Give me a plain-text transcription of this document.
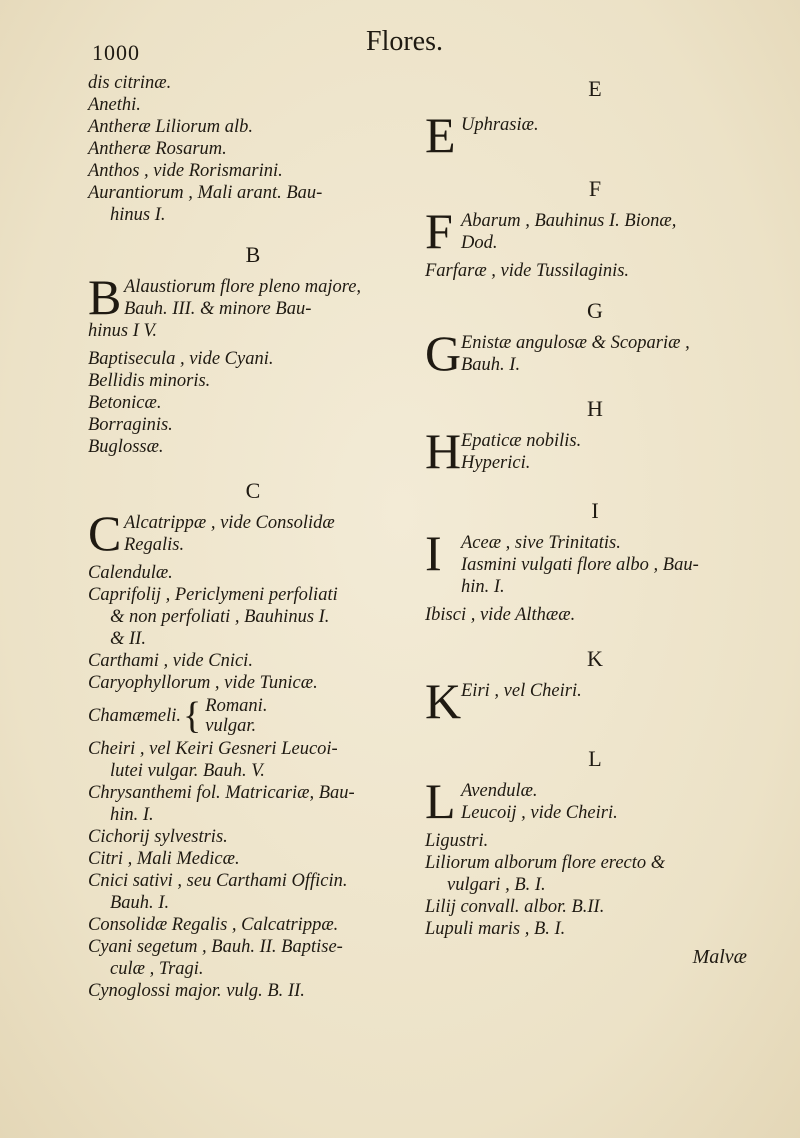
1000	Flores.
dis citrinæ.
Anethi.
Antheræ Liliorum alb.
Antheræ Rosarum.
Anthos , vide Rorismarini.
Aurantiorum , Mali arant. Bau-
hinus I.
B
B Alaustiorum flore pleno majore,
Bauh. III. & minore Bau-
hinus I V.
Baptisecula , vide Cyani.
Bellidis minoris.
Betonicæ.
Borraginis.
Buglossæ.
C
C Alcatrippæ , vide Consolidæ
Regalis.
Calendulæ.
Caprifolij , Periclymeni perfoliati
& non perfoliati , Bauhinus I.
& II.
Carthami , vide Cnici.
Caryophyllorum , vide Tunicæ.
Chamæmeli. { Romani.
vulgar.
Cheiri , vel Keiri Gesneri Leucoi-
lutei vulgar. Bauh. V.
Chrysanthemi fol. Matricariæ, Bau-
hin. I.
Cichorij sylvestris.
Citri , Mali Medicæ.
Cnici sativi , seu Carthami Officin.
Bauh. I.
Consolidæ Regalis , Calcatrippæ.
Cyani segetum , Bauh. II. Baptise-
culæ , Tragi.
Cynoglossi major. vulg. B. II.
E
E Uphrasiæ.

F
F Abarum , Bauhinus I. Bionæ,
Dod.
Farfaræ , vide Tussilaginis.
G
G Enistæ angulosæ & Scopariæ ,
Bauh. I.
H
H Epaticæ nobilis.
Hyperici.
I
I Aceæ , sive Trinitatis.
Iasmini vulgati flore albo , Bau-
hin. I.
Ibisci , vide Althææ.
K
K Eiri , vel Cheiri.

L
L Avendulæ.
Leucoij , vide Cheiri.
Ligustri.
Liliorum alborum flore erecto &
vulgari , B. I.
Lilij convall. albor. B.II.
Lupuli maris , B. I.
Malvæ
